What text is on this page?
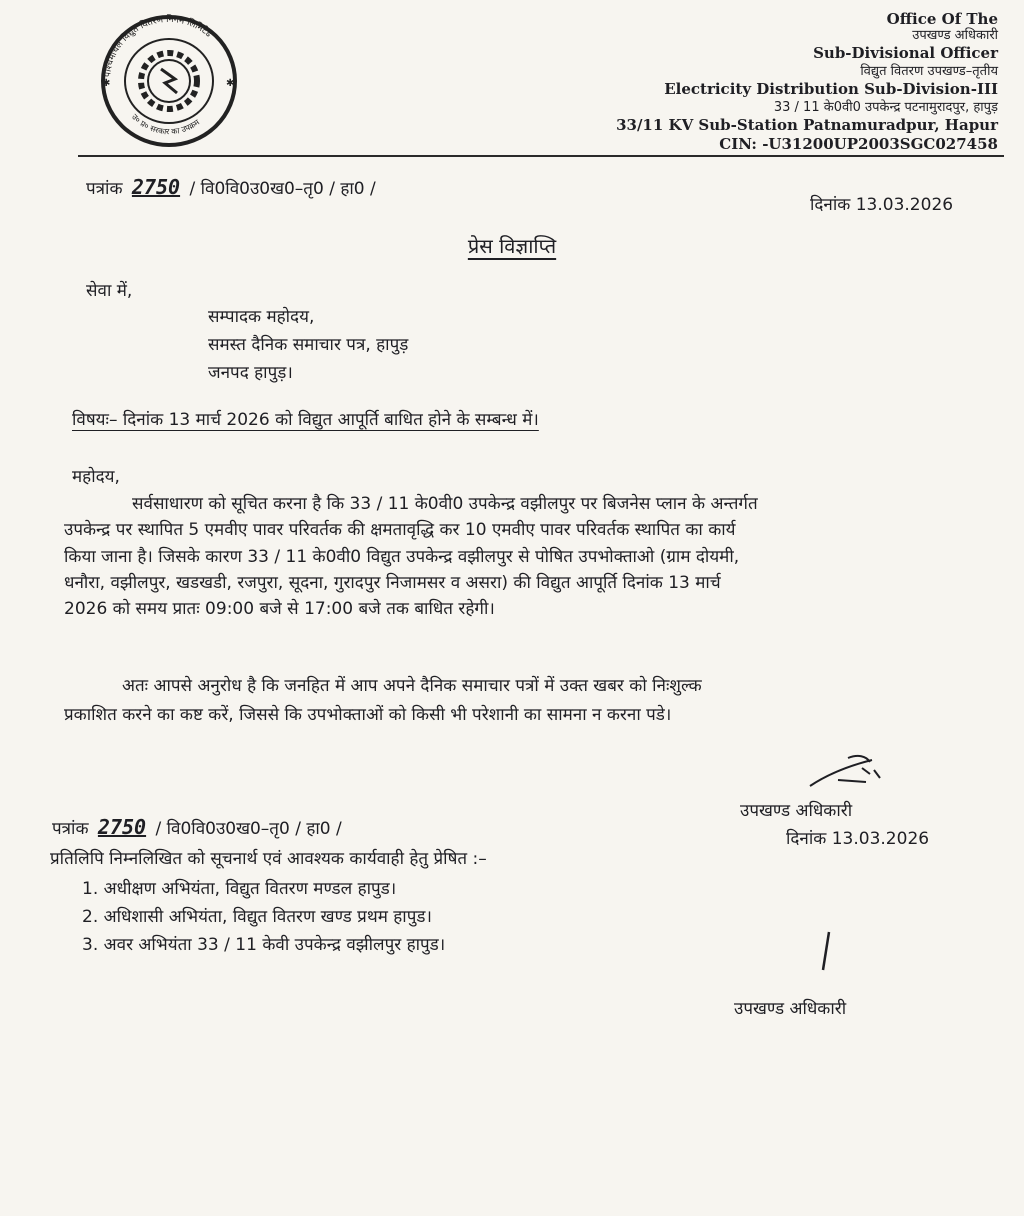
पश्चिमांचल विद्युत वितरण निगम लिमिटेड
उ० प्र० सरकार का उपक्रम
✱	✱
Office Of The
उपखण्ड अधिकारी
Sub-Divisional Officer
विद्युत वितरण उपखण्ड–तृतीय
Electricity Distribution Sub-Division-III
33 / 11 के0वी0 उपकेन्द्र पटनामुरादपुर, हापुड़
33/11 KV Sub-Station Patnamuradpur, Hapur
CIN: -U31200UP2003SGC027458
पत्रांक 2750 / वि0वि0उ0ख0–तृ0 / हा0 /
दिनांक 13.03.2026
प्रेस विज्ञाप्ति
सेवा में,
सम्पादक महोदय,
समस्त दैनिक समाचार पत्र, हापुड़
जनपद हापुड़।
विषयः– दिनांक 13 मार्च 2026 को विद्युत आपूर्ति बाधित होने के सम्बन्ध में।
महोदय,
सर्वसाधारण को सूचित करना है कि 33 / 11 के0वी0 उपकेन्द्र वझीलपुर पर बिजनेस प्लान के अन्तर्गत
उपकेन्द्र पर स्थापित 5 एमवीए पावर परिवर्तक की क्षमतावृद्धि कर 10 एमवीए पावर परिवर्तक स्थापित का कार्य
किया जाना है। जिसके कारण 33 / 11 के0वी0 विद्युत उपकेन्द्र वझीलपुर से पोषित उपभोक्ताओ (ग्राम दोयमी,
धनौरा, वझीलपुर, खडखडी, रजपुरा, सूदना, गुरादपुर निजामसर व असरा) की विद्युत आपूर्ति दिनांक 13 मार्च
2026 को समय प्रातः 09:00 बजे से 17:00 बजे तक बाधित रहेगी।
अतः आपसे अनुरोध है कि जनहित में आप अपने दैनिक समाचार पत्रों में उक्त खबर को निःशुल्क
प्रकाशित करने का कष्ट करें, जिससे कि उपभोक्ताओं को किसी भी परेशानी का सामना न करना पडे।
उपखण्ड अधिकारी
दिनांक 13.03.2026
पत्रांक 2750 / वि0वि0उ0ख0–तृ0 / हा0 /
प्रतिलिपि निम्नलिखित को सूचनार्थ एवं आवश्यक कार्यवाही हेतु प्रेषित :–
1. अधीक्षण अभियंता, विद्युत वितरण मण्डल हापुड।
2. अधिशासी अभियंता, विद्युत वितरण खण्ड प्रथम हापुड।
3. अवर अभियंता 33 / 11 केवी उपकेन्द्र वझीलपुर हापुड।
उपखण्ड अधिकारी
